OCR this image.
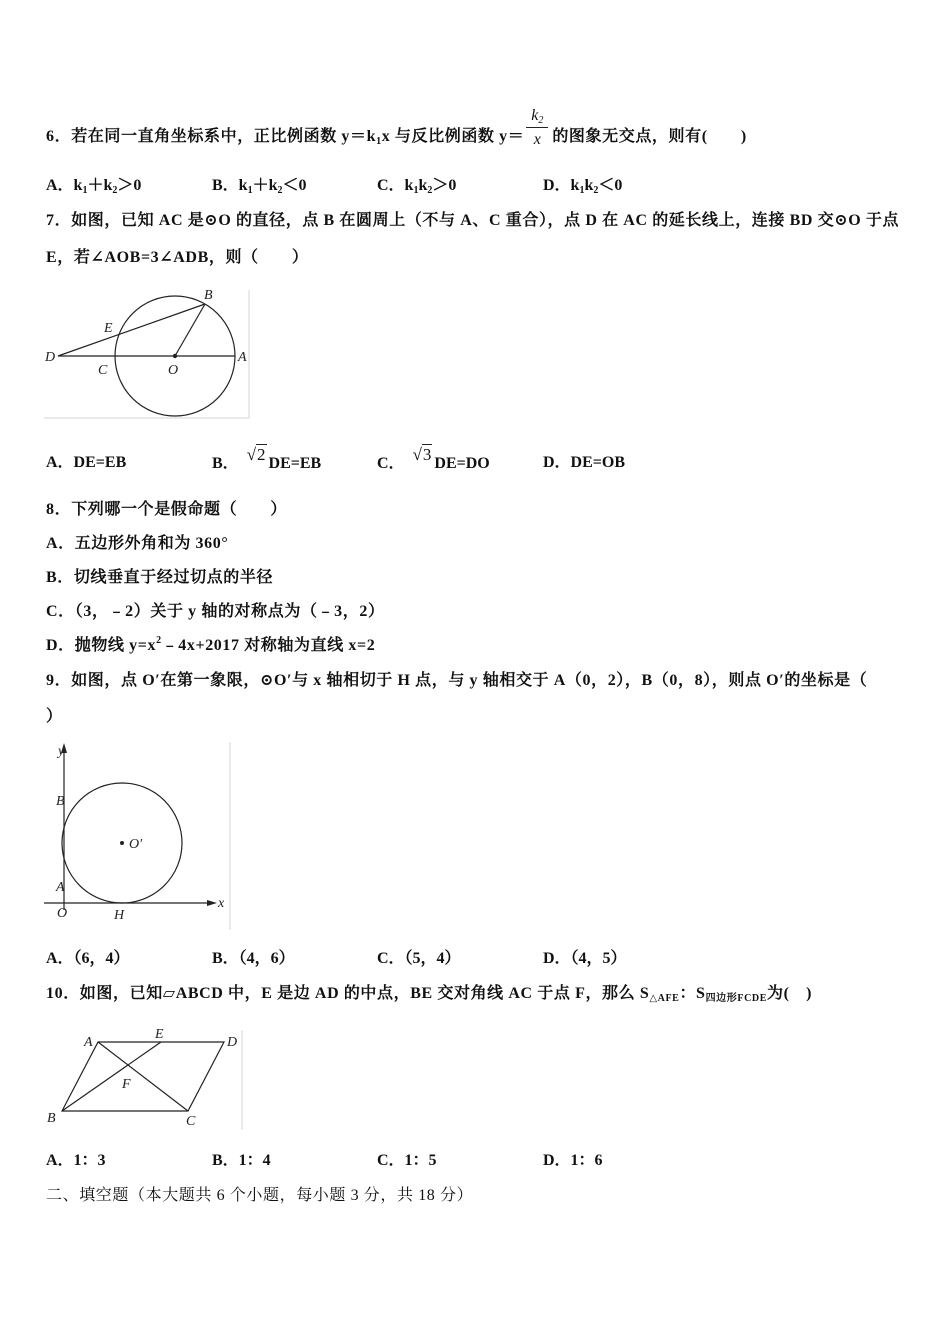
6．若在同一直角坐标系中，正比例函数 $y=k_1x$ 与反比例函数 $y= \frac{k_2}{x}$ 的图象无交点，则有(　　)
A．$k_1+k_2>0$	B．$k_1+k_2<0$	C．$k_1k_2>0$	D．$k_1k_2<0$
7．如图，已知 AC 是⊙O 的直径，点 B 在圆周上（不与 A、C 重合），点 D 在 AC 的延长线上，连接 BD 交⊙O 于点
E，若∠AOB=3∠ADB，则（　　）
B
E
D
C	O
A
A．DE=EB	B． √2 DE=EB	C． √3 DE=DO	D．DE=OB
8．下列哪一个是假命题（　　）
A．五边形外角和为 360°
B．切线垂直于经过切点的半径
C．（3，﹣2）关于 y 轴的对称点为（﹣3，2）
D．抛物线 $y=x^2﹣4x+2017$ 对称轴为直线 x=2
9．如图，点 O′在第一象限，⊙O′与 x 轴相切于 H 点，与 y 轴相交于 A（0，2），B（0，8），则点 O′的坐标是（
）
y
B
O′
A
O	H
x
A．（6，4）	B．（4，6）	C．（5，4）	D．（4，5）
10．如图，已知▱ABCD 中，E 是边 AD 的中点，BE 交对角线 AC 于点 F，那么 $S_{\triangle AFE}$：$S_{四边形FCDE}$为(　)
A
E
D
F
B	C
A．1：3	B．1：4	C．1：5	D．1：6
二、填空题（本大题共 6 个小题，每小题 3 分，共 18 分）
